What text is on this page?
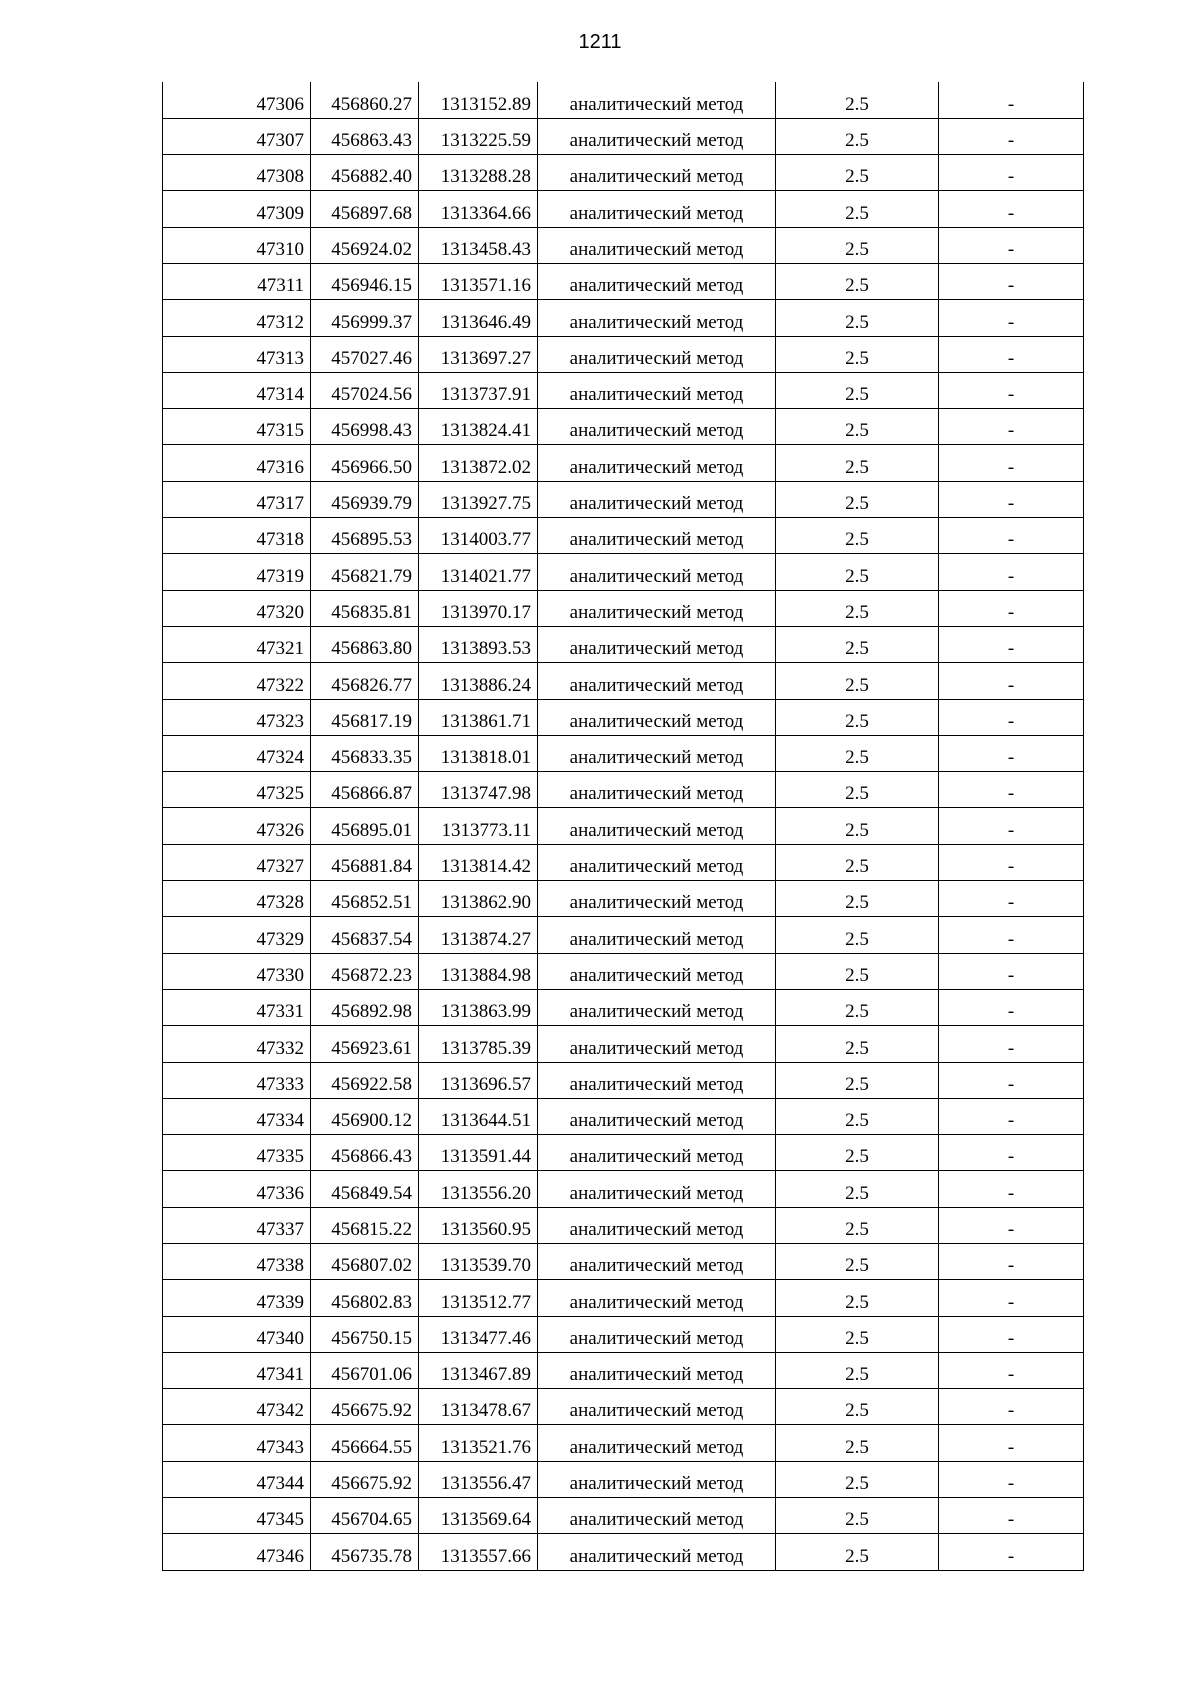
1211
47306	456860.27	1313152.89	аналитический метод	2.5	-
47307	456863.43	1313225.59	аналитический метод	2.5	-
47308	456882.40	1313288.28	аналитический метод	2.5	-
47309	456897.68	1313364.66	аналитический метод	2.5	-
47310	456924.02	1313458.43	аналитический метод	2.5	-
47311	456946.15	1313571.16	аналитический метод	2.5	-
47312	456999.37	1313646.49	аналитический метод	2.5	-
47313	457027.46	1313697.27	аналитический метод	2.5	-
47314	457024.56	1313737.91	аналитический метод	2.5	-
47315	456998.43	1313824.41	аналитический метод	2.5	-
47316	456966.50	1313872.02	аналитический метод	2.5	-
47317	456939.79	1313927.75	аналитический метод	2.5	-
47318	456895.53	1314003.77	аналитический метод	2.5	-
47319	456821.79	1314021.77	аналитический метод	2.5	-
47320	456835.81	1313970.17	аналитический метод	2.5	-
47321	456863.80	1313893.53	аналитический метод	2.5	-
47322	456826.77	1313886.24	аналитический метод	2.5	-
47323	456817.19	1313861.71	аналитический метод	2.5	-
47324	456833.35	1313818.01	аналитический метод	2.5	-
47325	456866.87	1313747.98	аналитический метод	2.5	-
47326	456895.01	1313773.11	аналитический метод	2.5	-
47327	456881.84	1313814.42	аналитический метод	2.5	-
47328	456852.51	1313862.90	аналитический метод	2.5	-
47329	456837.54	1313874.27	аналитический метод	2.5	-
47330	456872.23	1313884.98	аналитический метод	2.5	-
47331	456892.98	1313863.99	аналитический метод	2.5	-
47332	456923.61	1313785.39	аналитический метод	2.5	-
47333	456922.58	1313696.57	аналитический метод	2.5	-
47334	456900.12	1313644.51	аналитический метод	2.5	-
47335	456866.43	1313591.44	аналитический метод	2.5	-
47336	456849.54	1313556.20	аналитический метод	2.5	-
47337	456815.22	1313560.95	аналитический метод	2.5	-
47338	456807.02	1313539.70	аналитический метод	2.5	-
47339	456802.83	1313512.77	аналитический метод	2.5	-
47340	456750.15	1313477.46	аналитический метод	2.5	-
47341	456701.06	1313467.89	аналитический метод	2.5	-
47342	456675.92	1313478.67	аналитический метод	2.5	-
47343	456664.55	1313521.76	аналитический метод	2.5	-
47344	456675.92	1313556.47	аналитический метод	2.5	-
47345	456704.65	1313569.64	аналитический метод	2.5	-
47346	456735.78	1313557.66	аналитический метод	2.5	-
